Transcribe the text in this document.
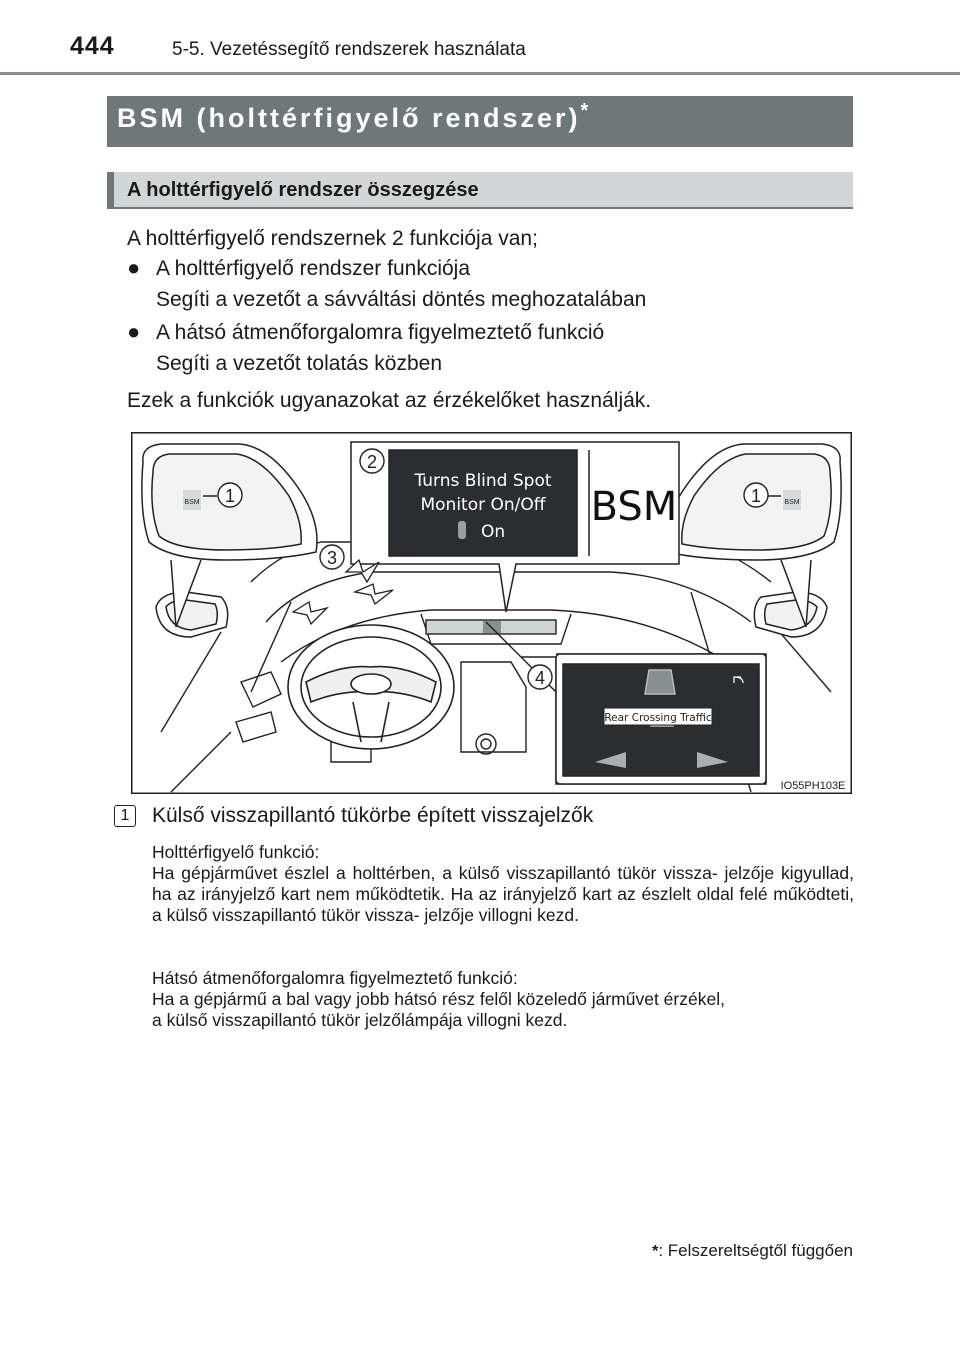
444	5-5. Vezetéssegítő rendszerek használata
BSM (holttérfigyelő rendszer)*
A holttérfigyelő rendszer összegzése
A holttérfigyelő rendszernek 2 funkciója van;
● A holttérfigyelő rendszer funkciója
Segíti a vezetőt a sávváltási döntés meghozatalában
● A hátsó átmenőforgalomra figyelmeztető funkció
Segíti a vezetőt tolatás közben
Ezek a funkciók ugyanazokat az érzékelőket használják.
BSM	BSM
Turns Blind Spot
Monitor On/Off
On
BSM
Rear Crossing Traffic
1
2
3
4
1
IO55PH103E
1	Külső visszapillantó tükörbe épített visszajelzők
Holttérfigyelő funkció:
Ha gépjárművet észlel a holttérben, a külső visszapillantó tükör vissza- jelzője kigyullad, ha az irányjelző kart nem működtetik. Ha az irányjelző kart az észlelt oldal felé működteti, a külső visszapillantó tükör vissza- jelzője villogni kezd.
Hátsó átmenőforgalomra figyelmeztető funkció:
Ha a gépjármű a bal vagy jobb hátsó rész felől közeledő járművet érzékel,
a külső visszapillantó tükör jelzőlámpája villogni kezd.
*: Felszereltségtől függően
